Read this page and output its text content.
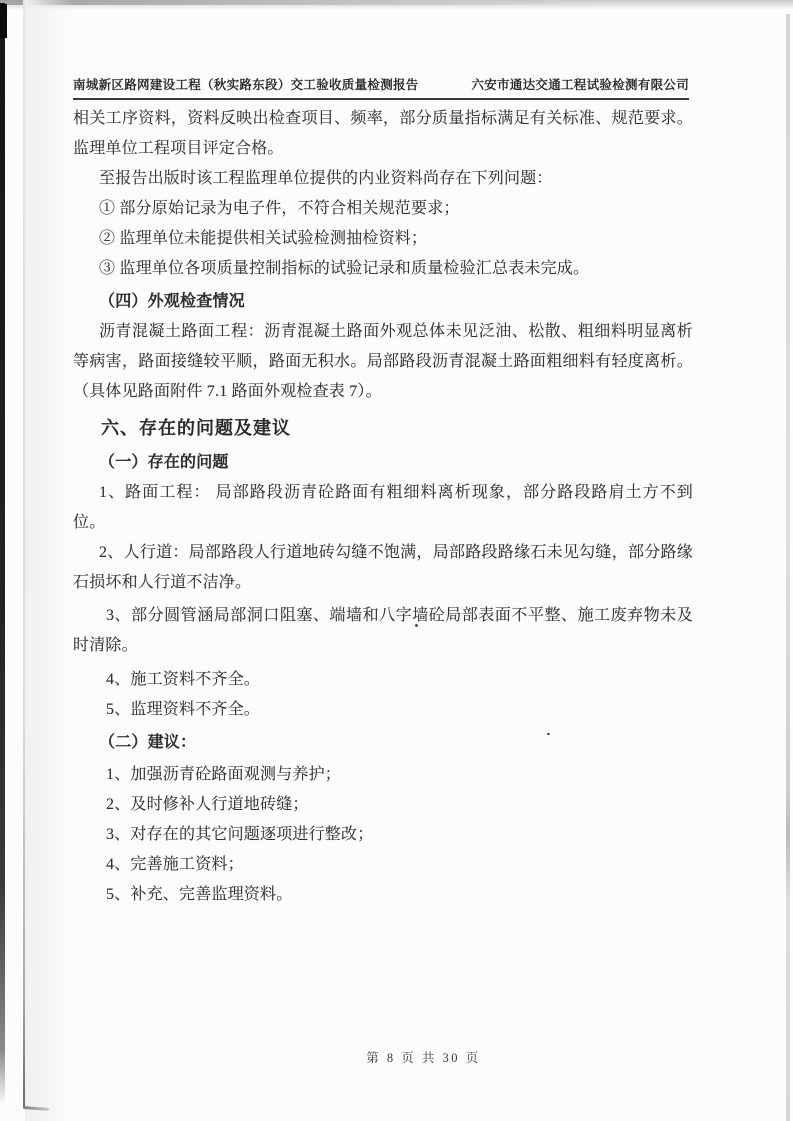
南城新区路网建设工程（秋实路东段）交工验收质量检测报告	六安市通达交通工程试验检测有限公司

相关工序资料，资料反映出检查项目、频率，部分质量指标满足有关标准、规范要求。监理单位工程项目评定合格。

至报告出版时该工程监理单位提供的内业资料尚存在下列问题：

① 部分原始记录为电子件，不符合相关规范要求；

② 监理单位未能提供相关试验检测抽检资料；

③ 监理单位各项质量控制指标的试验记录和质量检验汇总表未完成。

（四）外观检查情况

沥青混凝土路面工程：沥青混凝土路面外观总体未见泛油、松散、粗细料明显离析等病害，路面接缝较平顺，路面无积水。局部路段沥青混凝土路面粗细料有轻度离析。（具体见路面附件 7.1 路面外观检查表 7）。

六、存在的问题及建议

（一）存在的问题

1、路面工程： 局部路段沥青砼路面有粗细料离析现象，部分路段路肩土方不到位。

2、人行道：局部路段人行道地砖勾缝不饱满，局部路段路缘石未见勾缝，部分路缘石损坏和人行道不洁净。

3、部分圆管涵局部洞口阻塞、端墙和八字墙砼局部表面不平整、施工废弃物未及时清除。

4、施工资料不齐全。

5、监理资料不齐全。

（二）建议：

1、加强沥青砼路面观测与养护；

2、及时修补人行道地砖缝；

3、对存在的其它问题逐项进行整改；

4、完善施工资料；

5、补充、完善监理资料。

第 8 页 共 30 页
